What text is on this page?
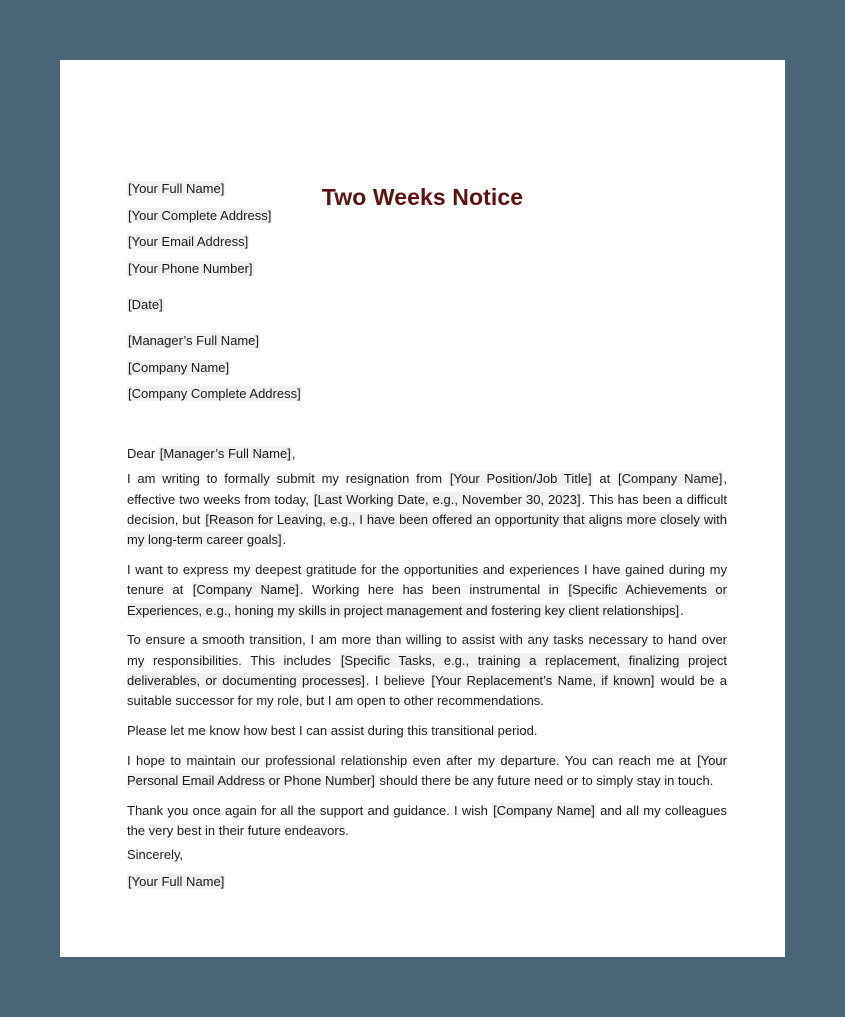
Two Weeks Notice
[Your Full Name]
[Your Complete Address]
[Your Email Address]
[Your Phone Number]
[Date]
[Manager’s Full Name]
[Company Name]
[Company Complete Address]
Dear [Manager’s Full Name],

I am writing to formally submit my resignation from [Your Position/Job Title] at [Company Name], effective two weeks from today, [Last Working Date, e.g., November 30, 2023]. This has been a difficult decision, but [Reason for Leaving, e.g., I have been offered an opportunity that aligns more closely with my long-term career goals].

I want to express my deepest gratitude for the opportunities and experiences I have gained during my tenure at [Company Name]. Working here has been instrumental in [Specific Achievements or Experiences, e.g., honing my skills in project management and fostering key client relationships].

To ensure a smooth transition, I am more than willing to assist with any tasks necessary to hand over my responsibilities. This includes [Specific Tasks, e.g., training a replacement, finalizing project deliverables, or documenting processes]. I believe [Your Replacement’s Name, if known] would be a suitable successor for my role, but I am open to other recommendations.

Please let me know how best I can assist during this transitional period.

I hope to maintain our professional relationship even after my departure. You can reach me at [Your Personal Email Address or Phone Number] should there be any future need or to simply stay in touch.

Thank you once again for all the support and guidance. I wish [Company Name] and all my colleagues the very best in their future endeavors.

Sincerely,
[Your Full Name]
